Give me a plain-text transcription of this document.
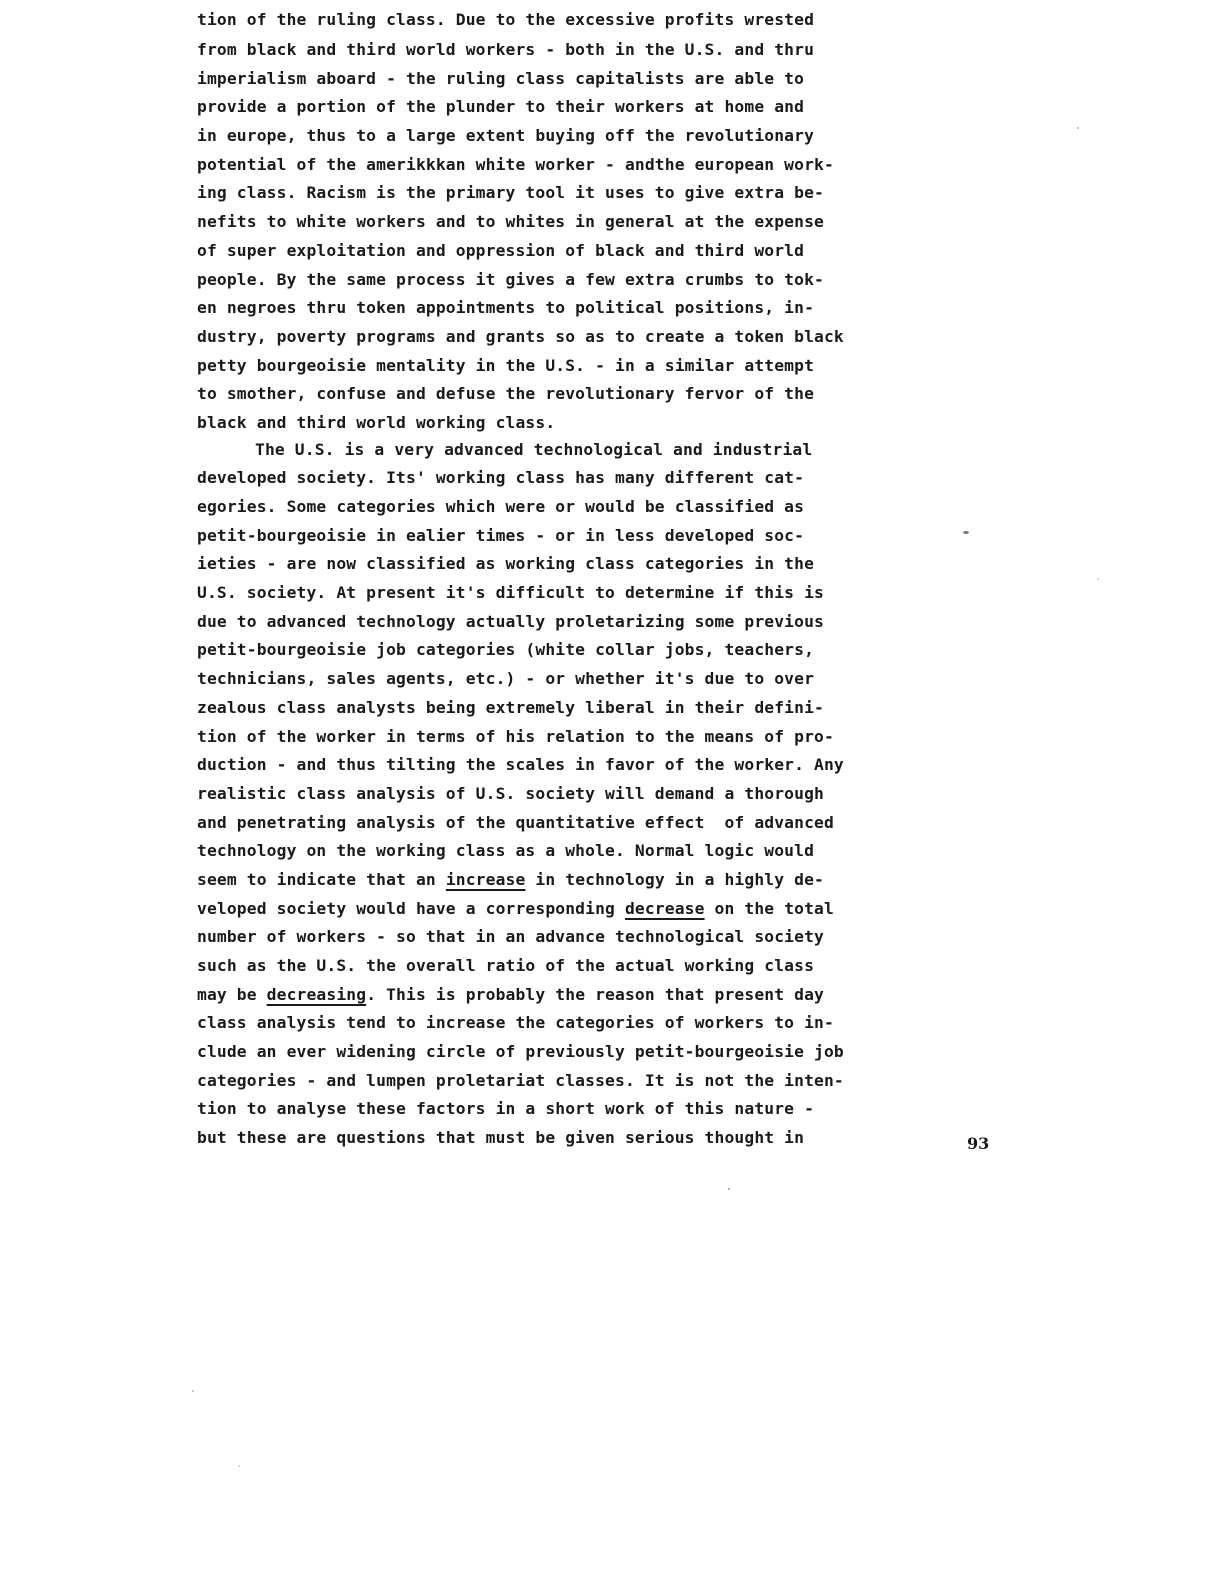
tion of the ruling class. Due to the excessive profits wrested
from black and third world workers - both in the U.S. and thru
imperialism aboard - the ruling class capitalists are able to
provide a portion of the plunder to their workers at home and
in europe, thus to a large extent buying off the revolutionary
potential of the amerikkkan white worker - andthe european work-
ing class. Racism is the primary tool it uses to give extra be-
nefits to white workers and to whites in general at the expense
of super exploitation and oppression of black and third world
people. By the same process it gives a few extra crumbs to tok-
en negroes thru token appointments to political positions, in-
dustry, poverty programs and grants so as to create a token black
petty bourgeoisie mentality in the U.S. - in a similar attempt
to smother, confuse and defuse the revolutionary fervor of the
black and third world working class.
The U.S. is a very advanced technological and industrial
developed society. Its' working class has many different cat-
egories. Some categories which were or would be classified as
petit-bourgeoisie in ealier times - or in less developed soc-
ieties - are now classified as working class categories in the
U.S. society. At present it's difficult to determine if this is
due to advanced technology actually proletarizing some previous
petit-bourgeoisie job categories (white collar jobs, teachers,
technicians, sales agents, etc.) - or whether it's due to over
zealous class analysts being extremely liberal in their defini-
tion of the worker in terms of his relation to the means of pro-
duction - and thus tilting the scales in favor of the worker. Any
realistic class analysis of U.S. society will demand a thorough
and penetrating analysis of the quantitative effect  of advanced
technology on the working class as a whole. Normal logic would
seem to indicate that an increase in technology in a highly de-
veloped society would have a corresponding decrease on the total
number of workers - so that in an advance technological society
such as the U.S. the overall ratio of the actual working class
may be decreasing. This is probably the reason that present day
class analysis tend to increase the categories of workers to in-
clude an ever widening circle of previously petit-bourgeoisie job
categories - and lumpen proletariat classes. It is not the inten-
tion to analyse these factors in a short work of this nature -
but these are questions that must be given serious thought in	93
